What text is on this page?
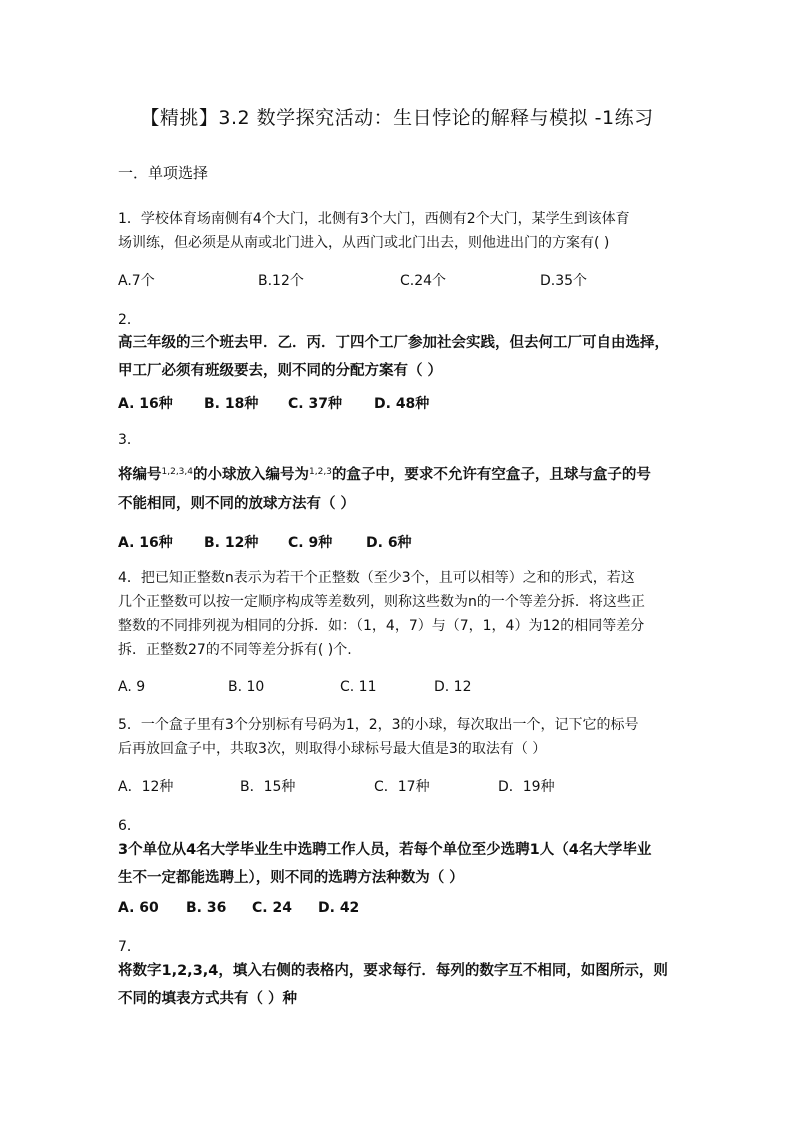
【精挑】3.2 数学探究活动：生日悖论的解释与模拟 -1练习
一．单项选择
1．学校体育场南侧有4个大门，北侧有3个大门，西侧有2个大门，某学生到该体育
场训练，但必须是从南或北门进入，从西门或北门出去，则他进出门的方案有( )
A.7个	B.12个	C.24个	D.35个
2．
高三年级的三个班去甲．乙．丙．丁四个工厂参加社会实践，但去何工厂可自由选择，
甲工厂必须有班级要去，则不同的分配方案有（ ）
A. 16种 B. 18种 C. 37种 D. 48种
3．
将编号$^{1,2,3,4}$的小球放入编号为$^{1,2,3}$的盒子中，要求不允许有空盒子，且球与盒子的号
不能相同，则不同的放球方法有（ ）
A. 16种 B. 12种 C. 9种 D. 6种
4．把已知正整数n表示为若干个正整数（至少3个，且可以相等）之和的形式，若这
几个正整数可以按一定顺序构成等差数列，则称这些数为n的一个等差分拆．将这些正
整数的不同排列视为相同的分拆．如：（1，4，7）与（7，1，4）为12的相同等差分
拆．正整数27的不同等差分拆有( )个.
A. 9	B. 10	C. 11	D. 12
5．一个盒子里有3个分别标有号码为1，2，3的小球，每次取出一个，记下它的标号
后再放回盒子中，共取3次，则取得小球标号最大值是3的取法有（ ）
A．12种	B．15种	C．17种	D．19种
6．
3个单位从4名大学毕业生中选聘工作人员，若每个单位至少选聘1人（4名大学毕业
生不一定都能选聘上），则不同的选聘方法种数为（ ）
A. 60 B. 36 C. 24 D. 42
7．
将数字1,2,3,4，填入右侧的表格内，要求每行．每列的数字互不相同，如图所示，则
不同的填表方式共有（ ）种
